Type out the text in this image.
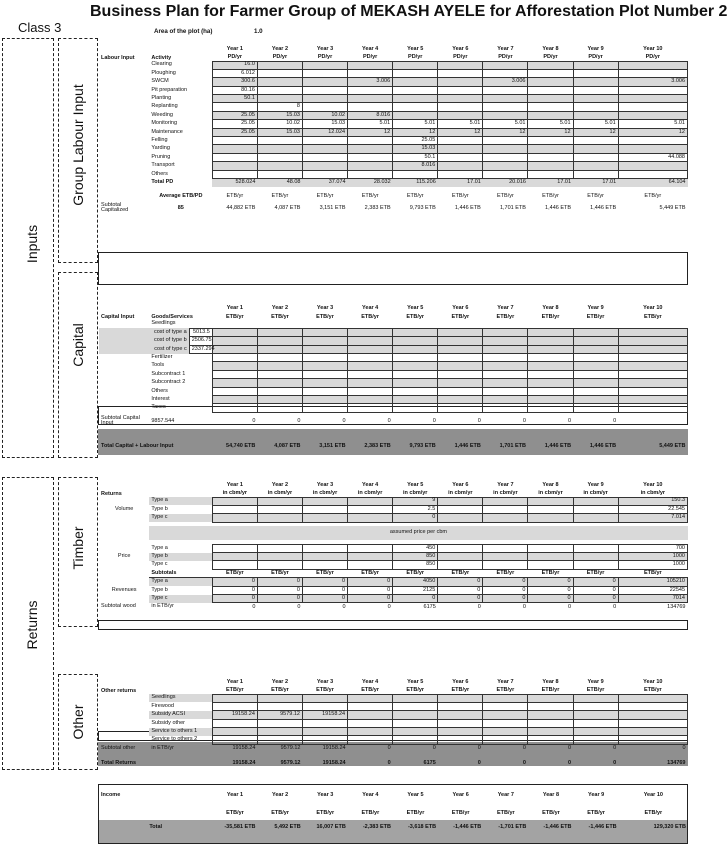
Business Plan for Farmer Group of MEKASH AYELE for Afforestation Plot Number 2
Class 3	Area of the plot (ha)	1.0
Inputs
Group Labour Input
Capital
Returns
Timber
Other
		Year 1	Year 2	Year 3	Year 4	Year 5	Year 6	Year 7	Year 8	Year 9	Year 10
Labour Input	Activity	PD/yr	PD/yr	PD/yr	PD/yr	PD/yr	PD/yr	PD/yr	PD/yr	PD/yr	PD/yr
	Clearing	16.0									
	Ploughing	6.012									
	SWCM	300.6			3.006			3.006			3.006
	Pit preparation	80.16									
	Planting	50.1									
	Replanting		8								
	Weeding	25.05	15.03	10.02	8.016						
	Monitoring	25.05	10.02	15.03	5.01	5.01	5.01	5.01	5.01	5.01	5.01
	Maintenance	25.05	15.03	12.024	12	12	12	12	12	12	12
	Felling					25.05					
	Yarding					15.03					
	Pruning					50.1					44.088
	Transport					8.016					
	Others										
	Total PD	528.024	48.08	37.074	28.032	115.206	17.01	20.016	17.01	17.01	64.104

	Average ETB/PD	ETB/yr	ETB/yr	ETB/yr	ETB/yr	ETB/yr	ETB/yr	ETB/yr	ETB/yr	ETB/yr	ETB/yr
Subtotal Capitalized	85	44,882 ETB	4,087 ETB	3,151 ETB	2,383 ETB	9,793 ETB	1,446 ETB	1,701 ETB	1,446 ETB	1,446 ETB	5,449 ETB
			Year 1	Year 2	Year 3	Year 4	Year 5	Year 6	Year 7	Year 8	Year 9	Year 10
Capital Input	Goods/Services		ETB/yr	ETB/yr	ETB/yr	ETB/yr	ETB/yr	ETB/yr	ETB/yr	ETB/yr	ETB/yr	ETB/yr
	Seedlings											
	cost of type a	5013.5										
	cost of type b	2506.75										
	cost of type c	2337.294										
	Fertilizer											
	Tools											
	Subcontract 1											
	Subcontract 2											
	Others											
	Interest											
	Taxes											
Subtotal Capital Input	9857.544		0	0	0	0	0	0	0	0	0	

Total Capital + Labour Input			54,740 ETB	4,087 ETB	3,151 ETB	2,383 ETB	9,793 ETB	1,446 ETB	1,701 ETB	1,446 ETB	1,446 ETB	5,449 ETB
		Year 1	Year 2	Year 3	Year 4	Year 5	Year 6	Year 7	Year 8	Year 9	Year 10
Returns		in cbm/yr	in cbm/yr	in cbm/yr	in cbm/yr	in cbm/yr	in cbm/yr	in cbm/yr	in cbm/yr	in cbm/yr	in cbm/yr
Volume	Type a					9					150.3
	Type b					2.5					22.545
	Type c					0					7.014

	assumed price per cbm										

Price	Type a					450					700
	Type b					850					1000
	Type c					850					1000
	Subtotals	ETB/yr	ETB/yr	ETB/yr	ETB/yr	ETB/yr	ETB/yr	ETB/yr	ETB/yr	ETB/yr	ETB/yr
Revenues	Type a	0	0	0	0	4050	0	0	0	0	105210
	Type b	0	0	0	0	2125	0	0	0	0	22545
	Type c	0	0	0	0	0	0	0	0	0	7014
Subtotal wood	in ETB/yr	0	0	0	0	6175	0	0	0	0	134769
		Year 1	Year 2	Year 3	Year 4	Year 5	Year 6	Year 7	Year 8	Year 9	Year 10
Other returns		ETB/yr	ETB/yr	ETB/yr	ETB/yr	ETB/yr	ETB/yr	ETB/yr	ETB/yr	ETB/yr	ETB/yr
	Seedlings										
	Firewood										
	Subsidy ACSI	19158.24	9579.12	19158.24							
	Subsidy other										
	Service to others 1										
	Service to others 2										
Subtotal other	in ETB/yr	19158.24	9579.12	19158.24	0	0	0	0	0	0	0
Total Returns		19158.24	9579.12	19158.24	0	6175	0	0	0	0	134769
Income	Year 1	Year 2	Year 3	Year 4	Year 5	Year 6	Year 7	Year 8	Year 9	Year 10
	ETB/yr	ETB/yr	ETB/yr	ETB/yr	ETB/yr	ETB/yr	ETB/yr	ETB/yr	ETB/yr	ETB/yr
Total	-35,581 ETB	5,492 ETB	16,007 ETB	-2,383 ETB	-3,618 ETB	-1,446 ETB	-1,701 ETB	-1,446 ETB	-1,446 ETB	129,320 ETB
